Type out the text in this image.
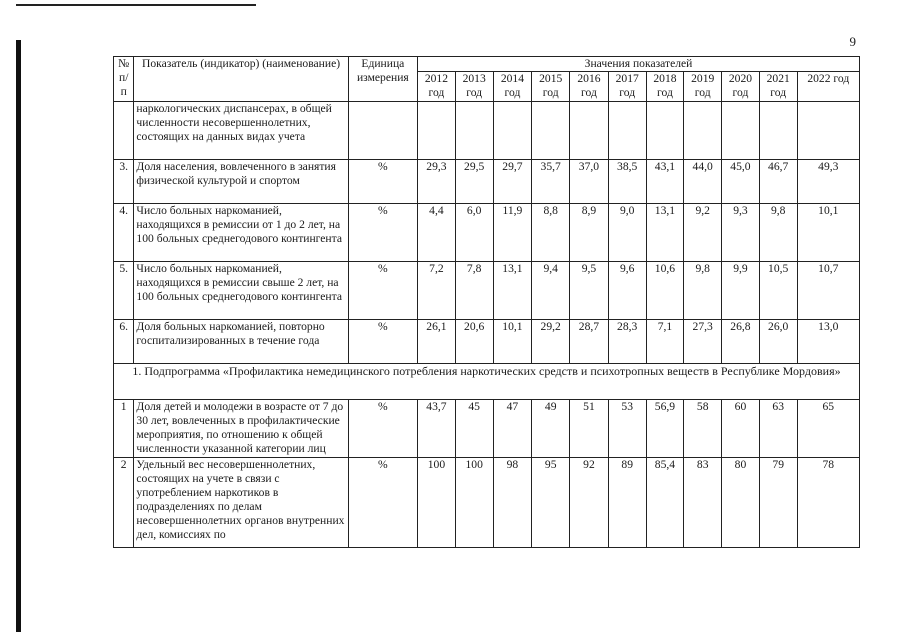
9
№ п/п	Показатель (индикатор) (наименование)	Единица измерения	Значения показателей										
			2012 год	2013 год	2014 год	2015 год	2016 год	2017 год	2018 год	2019 год	2020 год	2021 год	2022 год
	наркологических диспансерах, в общей численности несовершеннолетних, состоящих на данных видах учета												
3.	Доля населения, вовлеченного в занятия физической культурой и спортом	%	29,3	29,5	29,7	35,7	37,0	38,5	43,1	44,0	45,0	46,7	49,3
4.	Число больных наркоманией, находящихся в ремиссии от 1 до 2 лет, на 100 больных среднегодового контингента	%	4,4	6,0	11,9	8,8	8,9	9,0	13,1	9,2	9,3	9,8	10,1
5.	Число больных наркоманией, находящихся в ремиссии свыше 2 лет, на 100 больных среднегодового контингента	%	7,2	7,8	13,1	9,4	9,5	9,6	10,6	9,8	9,9	10,5	10,7
6.	Доля больных наркоманией, повторно госпитализированных в течение года	%	26,1	20,6	10,1	29,2	28,7	28,3	7,1	27,3	26,8	26,0	13,0
1. Подпрограмма «Профилактика немедицинского потребления наркотических средств и психотропных веществ в Республике Мордовия»													
1	Доля детей и молодежи в возрасте от 7 до 30 лет, вовлеченных в профилактические мероприятия, по отношению к общей численности указанной категории лиц	%	43,7	45	47	49	51	53	56,9	58	60	63	65
2	Удельный вес несовершеннолетних, состоящих на учете в связи с употреблением наркотиков в подразделениях по делам несовершеннолетних органов внутренних дел, комиссиях по	%	100	100	98	95	92	89	85,4	83	80	79	78
